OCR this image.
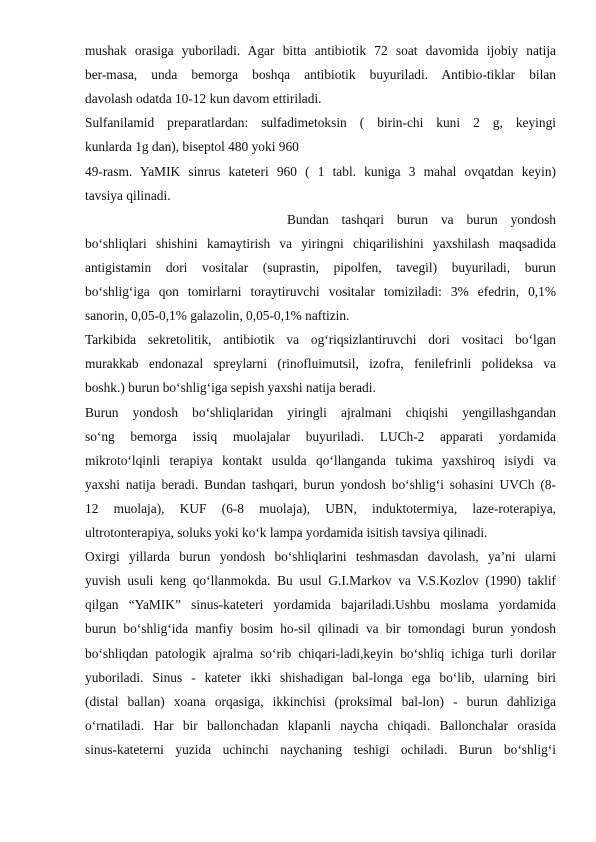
mushak orasiga yuboriladi. Agar bitta antibiotik 72 soat davomida ijobiy natija
ber-masa, unda bemorga boshqa antibiotik buyuriladi. Antibio-tiklar bilan
davolash odatda 10-12 kun davom ettiriladi.
Sulfanilamid preparatlardan: sulfadimetoksin ( birin-chi kuni 2 g, keyingi
kunlarda 1g dan), biseptol 480 yoki 960
49-rasm. YaMIK sinrus kateteri 960 ( 1 tabl. kuniga 3 mahal ovqatdan keyin)
tavsiya qilinadi.
Bundan tashqari burun va burun yondosh
bo‘shliqlari shishini kamaytirish va yiringni chiqarilishini yaxshilash maqsadida
antigistamin dori vositalar (suprastin, pipolfen, tavegil) buyuriladi, burun
bo‘shlig‘iga qon tomirlarni toraytiruvchi vositalar tomiziladi: 3% efedrin, 0,1%
sanorin, 0,05-0,1% galazolin, 0,05-0,1% naftizin.
Tarkibida sekretolitik, antibiotik va og‘riqsizlantiruvchi dori vositaci bo‘lgan
murakkab endonazal spreylarni (rinofluimutsil, izofra, fenilefrinli polideksa va
boshk.) burun bo‘shlig‘iga sepish yaxshi natija beradi.
Burun yondosh bo‘shliqlaridan yiringli ajralmani chiqishi yengillashgandan
so‘ng bemorga issiq muolajalar buyuriladi. LUCh-2 apparati yordamida
mikroto‘lqinli terapiya kontakt usulda qo‘llanganda tukima yaxshiroq isiydi va
yaxshi natija beradi. Bundan tashqari, burun yondosh bo‘shlig‘i sohasini UVCh (8-
12 muolaja), KUF (6-8 muolaja), UBN, induktotermiya, laze-roterapiya,
ultrotonterapiya, soluks yoki ko‘k lampa yordamida isitish tavsiya qilinadi.
Oxirgi yillarda burun yondosh bo‘shliqlarini teshmasdan davolash, ya’ni ularni
yuvish usuli keng qo‘llanmokda. Bu usul G.I.Markov va V.S.Kozlov (1990) taklif
qilgan “YaMIK” sinus-kateteri yordamida bajariladi.Ushbu moslama yordamida
burun bo‘shlig‘ida manfiy bosim ho-sil qilinadi va bir tomondagi burun yondosh
bo‘shliqdan patologik ajralma so‘rib chiqari-ladi,keyin bo‘shliq ichiga turli dorilar
yuboriladi. Sinus - kateter ikki shishadigan bal-longa ega bo‘lib, ularning biri
(distal ballan) xoana orqasiga, ikkinchisi (proksimal bal-lon) - burun dahliziga
o‘rnatiladi. Har bir ballonchadan klapanli naycha chiqadi. Ballonchalar orasida
sinus-kateterni yuzida uchinchi naychaning teshigi ochiladi. Burun bo‘shlig‘i
